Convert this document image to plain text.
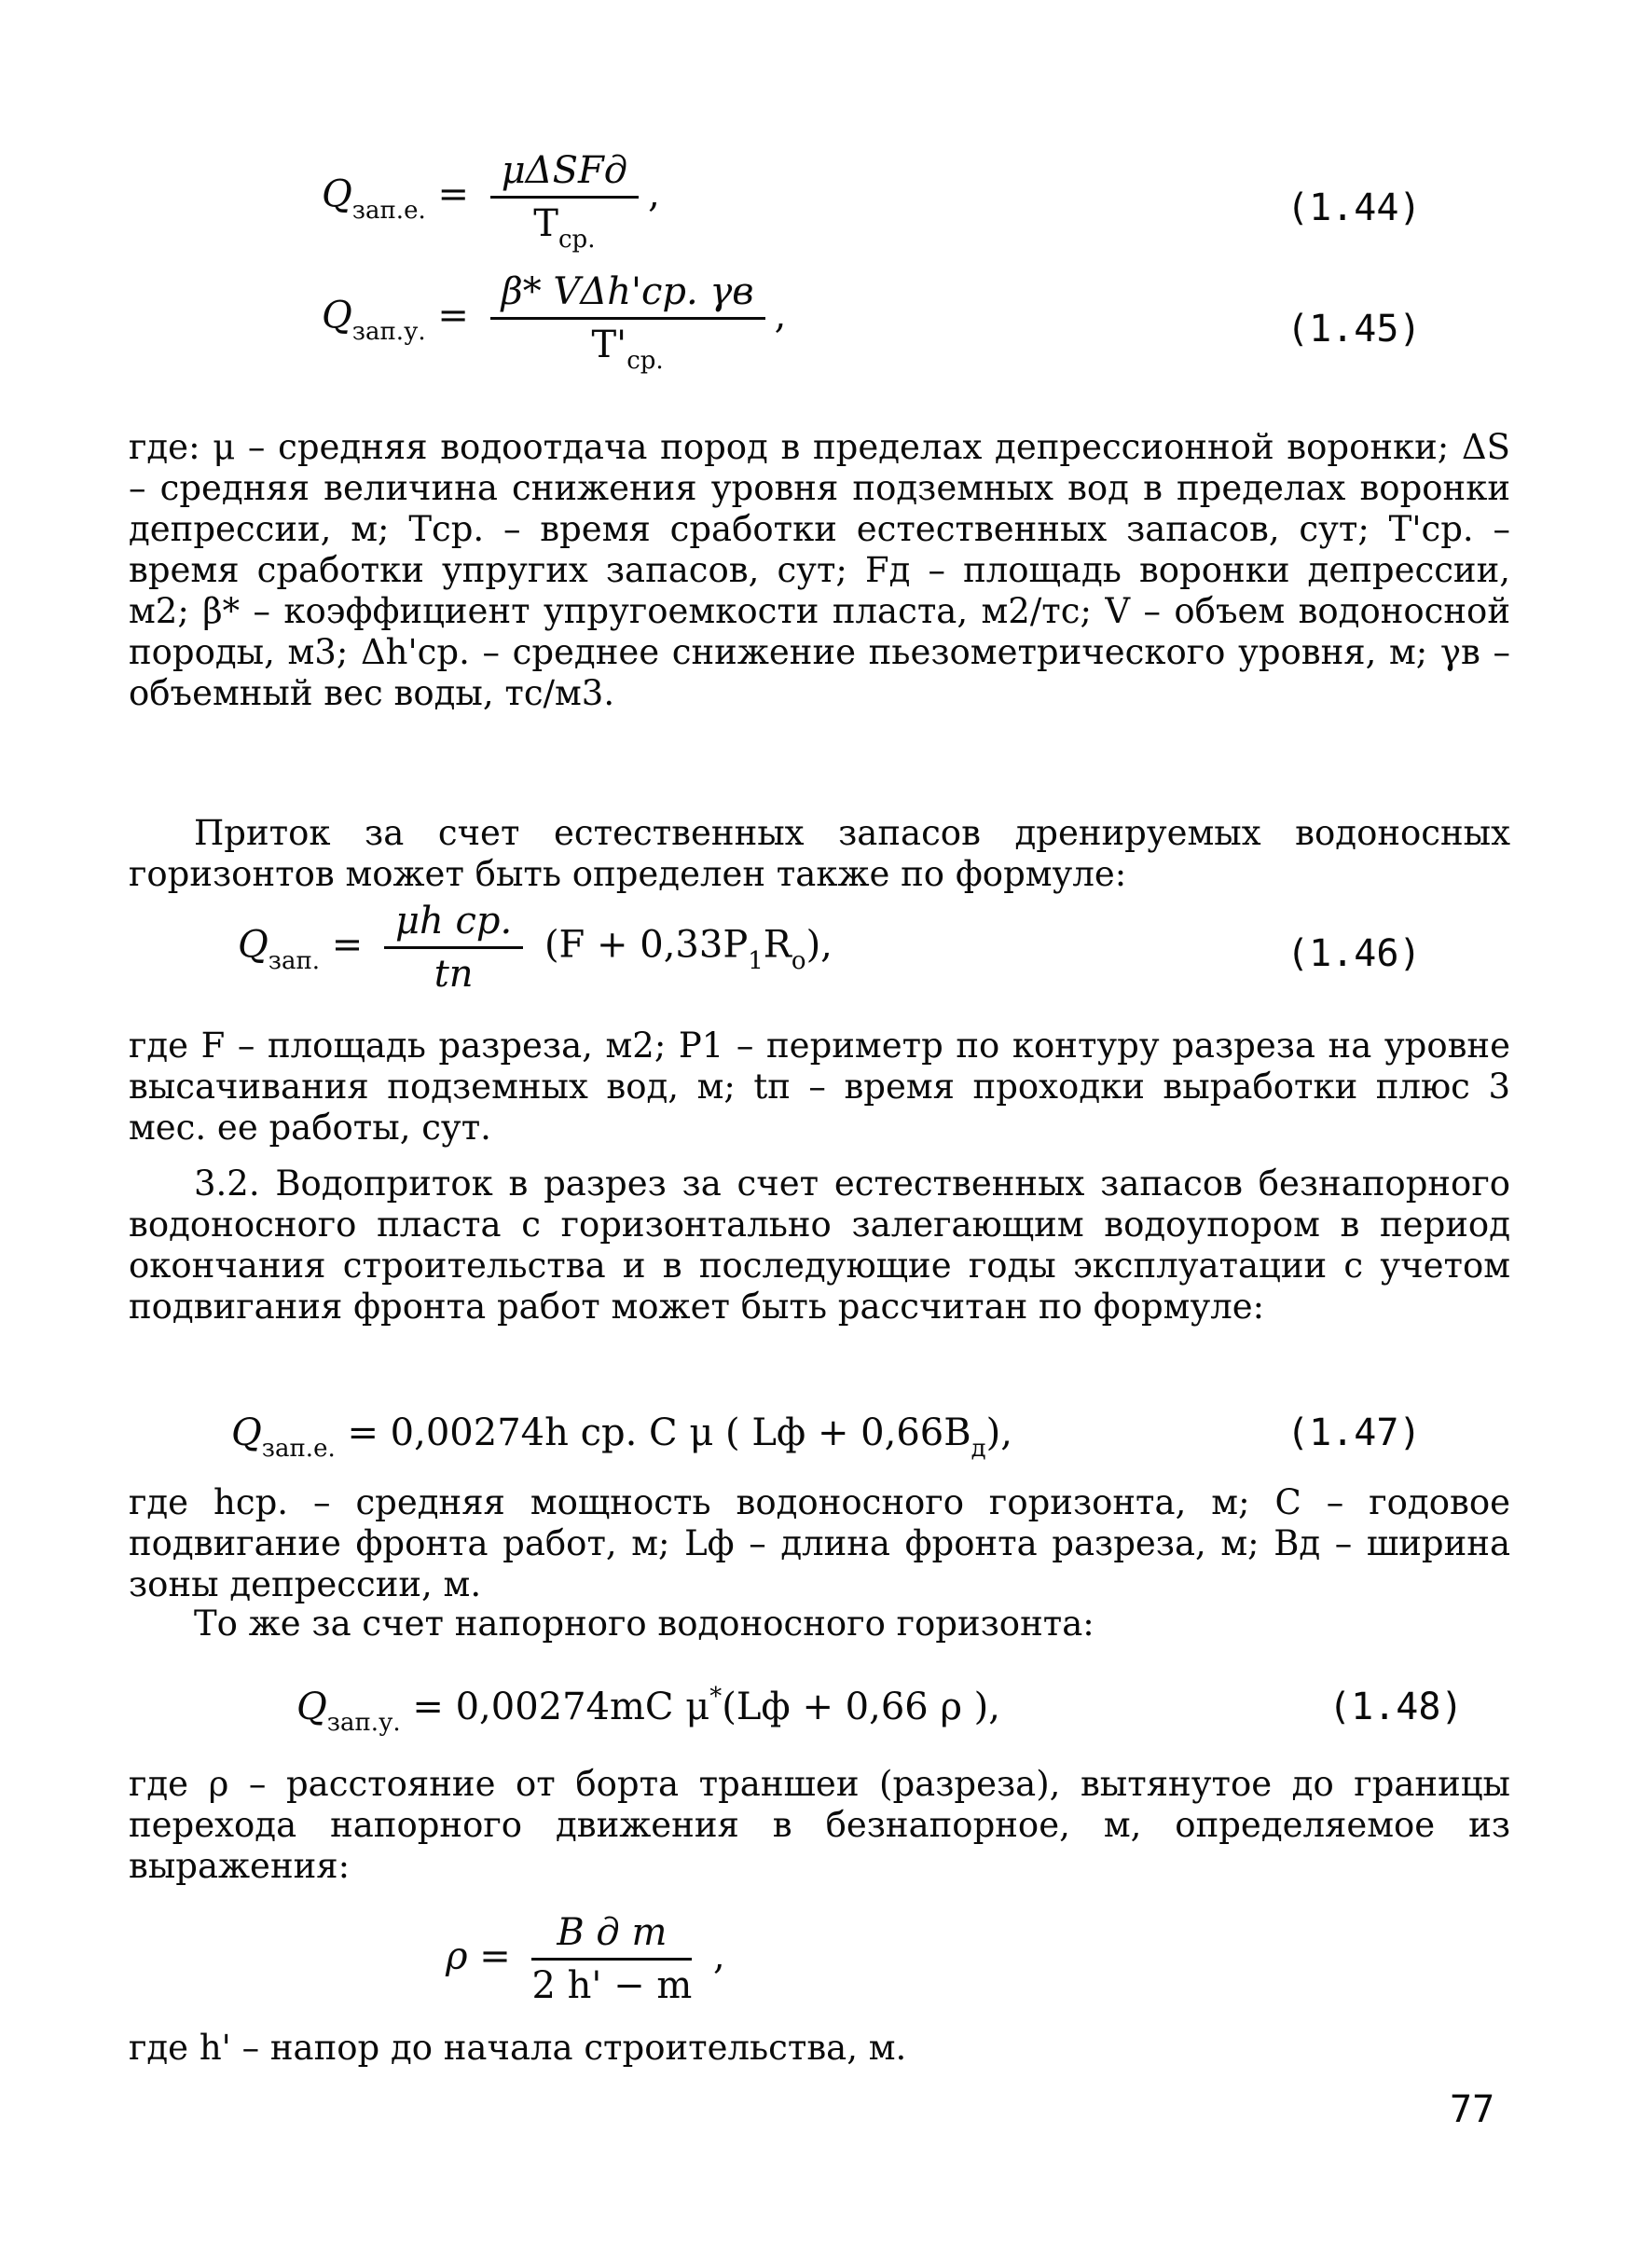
$Q_{зап.е.} = \frac{\text{μΔSFд}}{T_{ср.}}$ ,	(1.44)
$Q_{зап.у.} = \frac{\text{β* VΔh'ср. γв}}{T'_{ср.}}$ ,	(1.45)
где: μ – средняя водоотдача пород в пределах депрессионной воронки; ΔS – средняя величина снижения уровня подземных вод в пределах воронки депрессии, м; Tср. – время сработки естественных запасов, сут; T'ср. – время сработки упругих запасов, сут; Fд – площадь воронки депрессии, м2; β* – коэффициент упругоемкости пласта, м2/тс; V – объем водоносной породы, м3; Δh'ср. – среднее снижение пьезометрического уровня, м; γв – объемный вес воды, тс/м3.
Приток за счет естественных запасов дренируемых водоносных горизонтов может быть определен также по формуле:
$Q_{зап.} = \frac{\text{μh ср.}}{tп} (F + 0,33P_1R_o)$,	(1.46)
где F – площадь разреза, м2; P1 – периметр по контуру разреза на уровне высачивания подземных вод, м; tп – время проходки выработки плюс 3 мес. ее работы, сут.
3.2. Водоприток в разрез за счет естественных запасов безнапорного водоносного пласта с горизонтально залегающим водоупором в период окончания строительства и в последующие годы эксплуатации с учетом подвигания фронта работ может быть рассчитан по формуле:
$Q_{зап.е.} = 0,00274h$ ср. C μ ( Lф + $0,66B_д$),	(1.47)
где hср. – средняя мощность водоносного горизонта, м; C – годовое подвигание фронта работ, м; Lф – длина фронта разреза, м; Bд – ширина зоны депрессии, м.
То же за счет напорного водоносного горизонта:
$Q_{зап.у.} = 0,00274mC$ μ*(Lф + 0,66 ρ ),	(1.48)
где ρ – расстояние от борта траншеи (разреза), вытянутое до границы перехода напорного движения в безнапорное, м, определяемое из выражения:
$\rho = \frac{\text{B д m}}{2 h' - m}$ ,
где h' – напор до начала строительства, м.
77
